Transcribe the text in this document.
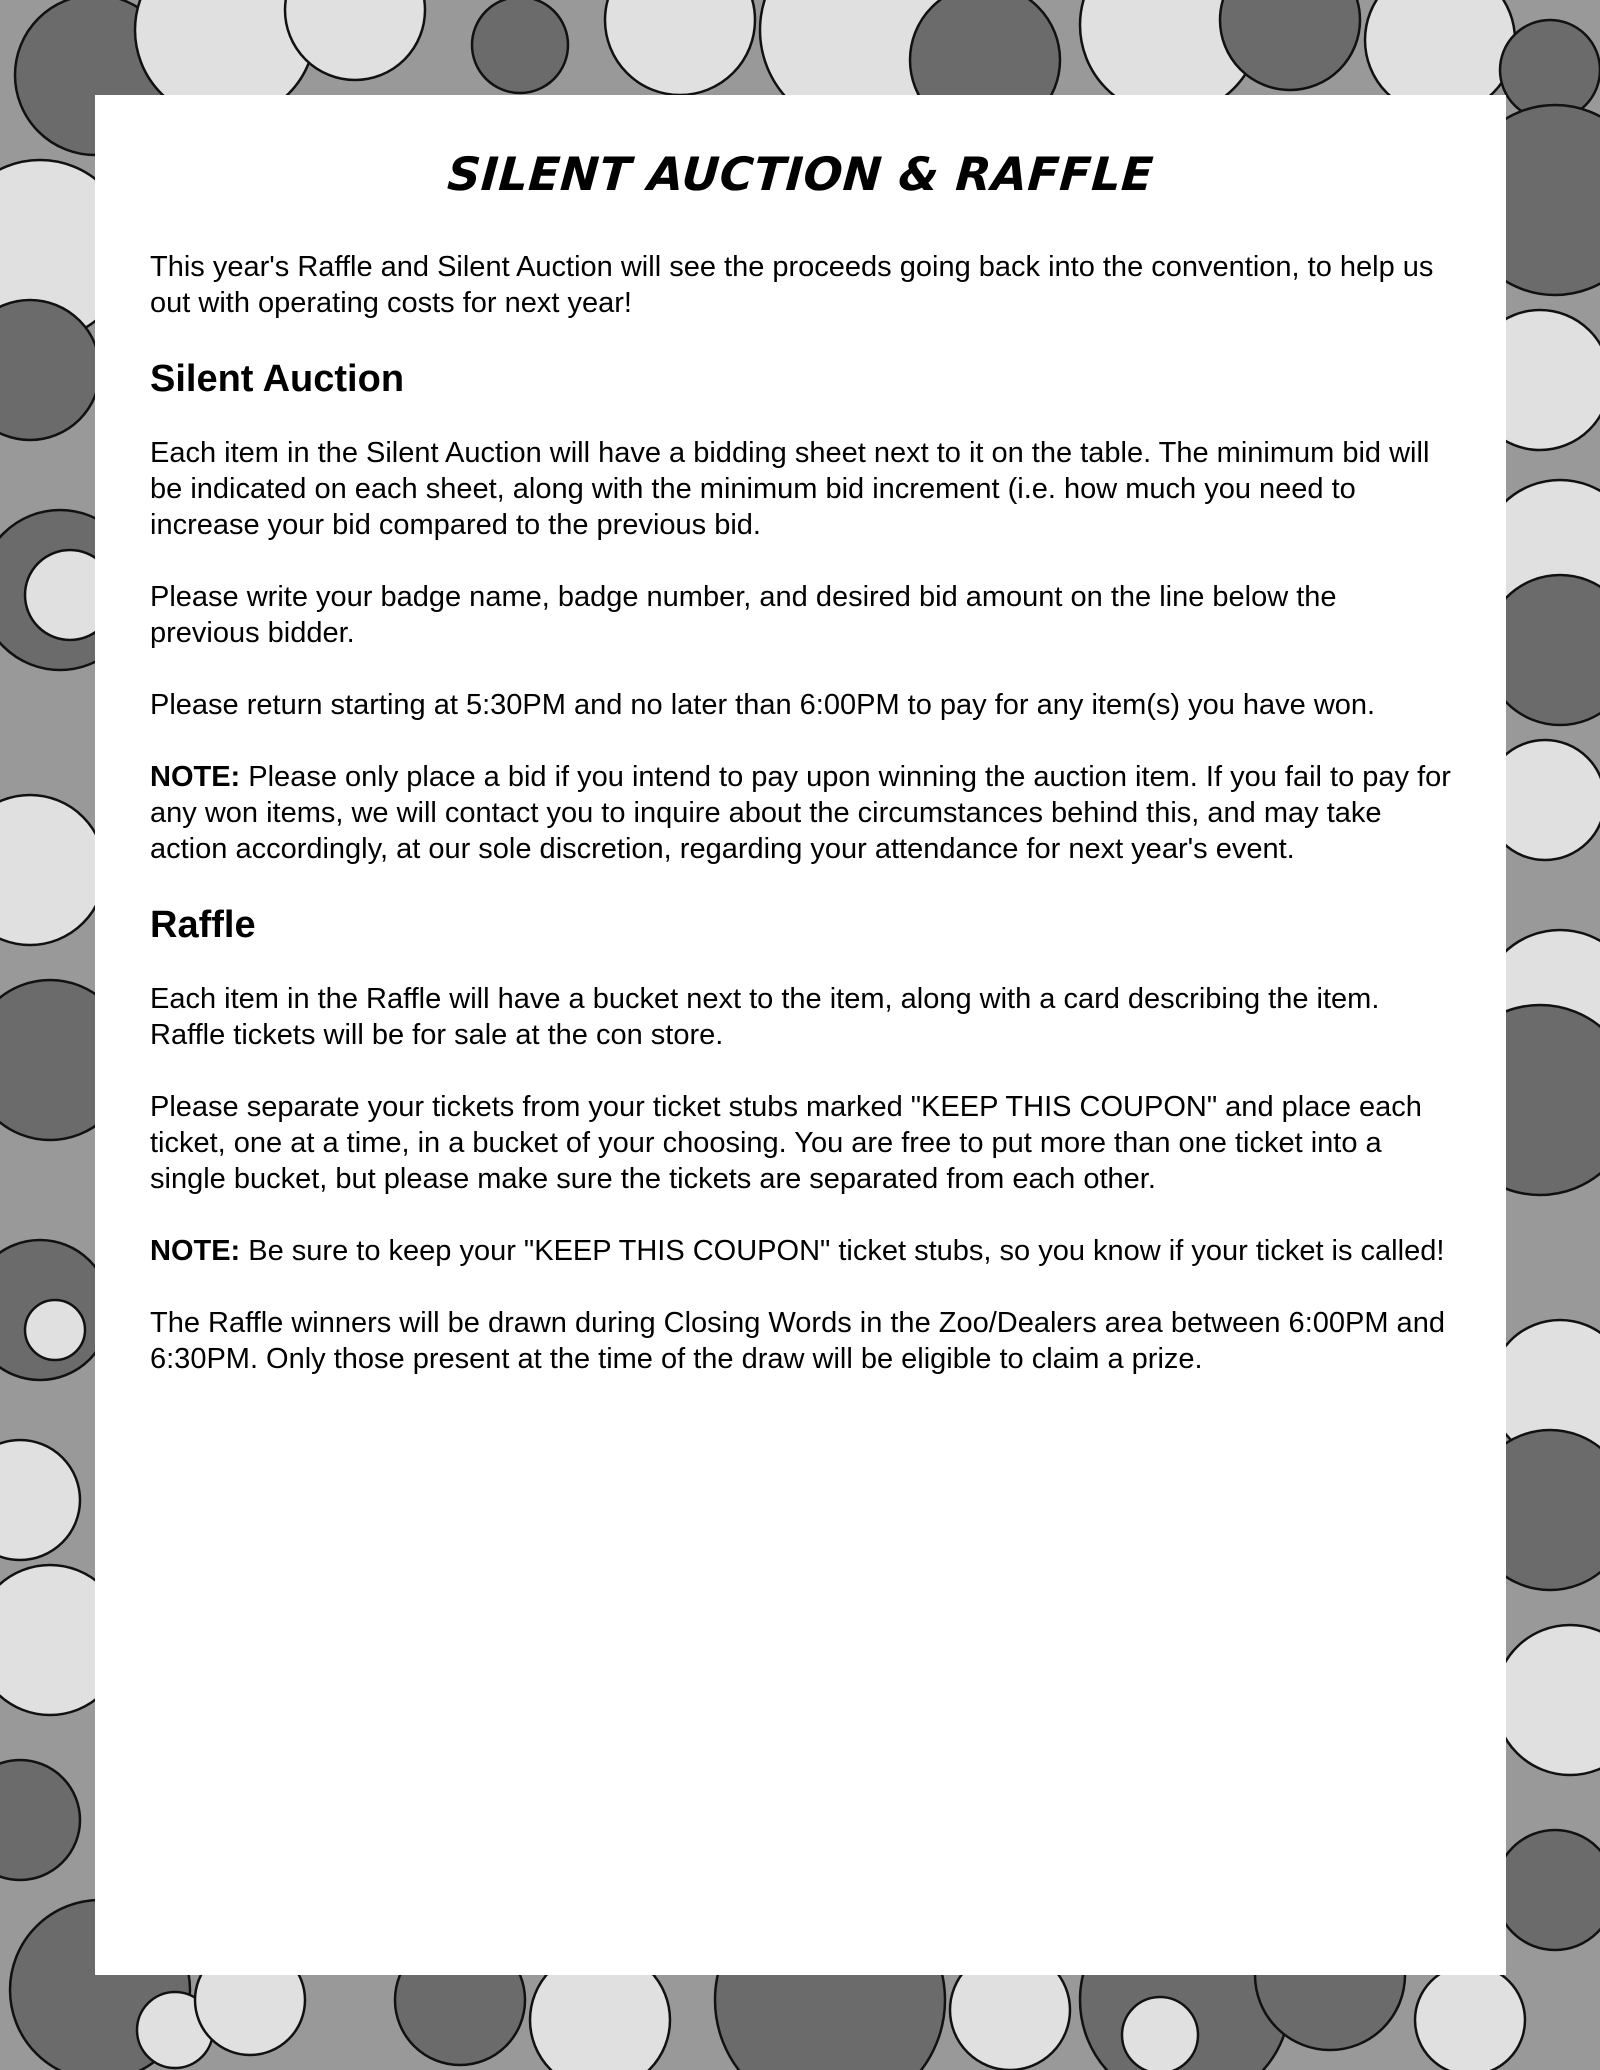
SILENT AUCTION & RAFFLE

This year's Raffle and Silent Auction will see the proceeds going back into the convention, to help us out with operating costs for next year!

Silent Auction

Each item in the Silent Auction will have a bidding sheet next to it on the table. The minimum bid will be indicated on each sheet, along with the minimum bid increment (i.e. how much you need to increase your bid compared to the previous bid.

Please write your badge name, badge number, and desired bid amount on the line below the previous bidder.

Please return starting at 5:30PM and no later than 6:00PM to pay for any item(s) you have won.

NOTE: Please only place a bid if you intend to pay upon winning the auction item. If you fail to pay for any won items, we will contact you to inquire about the circumstances behind this, and may take action accordingly, at our sole discretion, regarding your attendance for next year's event.

Raffle

Each item in the Raffle will have a bucket next to the item, along with a card describing the item. Raffle tickets will be for sale at the con store.

Please separate your tickets from your ticket stubs marked "KEEP THIS COUPON" and place each ticket, one at a time, in a bucket of your choosing. You are free to put more than one ticket into a single bucket, but please make sure the tickets are separated from each other.

NOTE: Be sure to keep your "KEEP THIS COUPON" ticket stubs, so you know if your ticket is called!

The Raffle winners will be drawn during Closing Words in the Zoo/Dealers area between 6:00PM and 6:30PM. Only those present at the time of the draw will be eligible to claim a prize.
